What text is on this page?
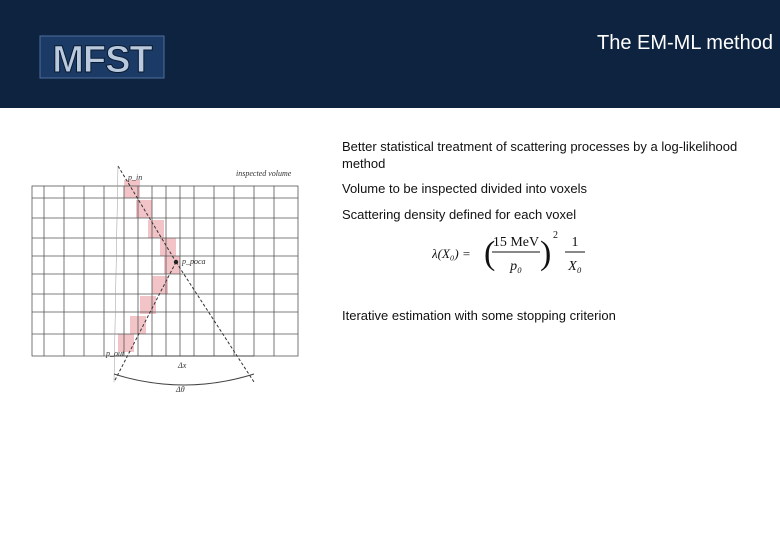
MFST	The EM-ML method
p_in	inspected volume
p_poca
p_out
Δx
Δθ

Better statistical treatment of scattering processes by a log-likelihood method

Volume to be inspected divided into voxels

Scattering density defined for each voxel

Iterative estimation with some stopping criterion

λ(X₀) = (
15 MeV
p₀ ) 2 1
X₀
